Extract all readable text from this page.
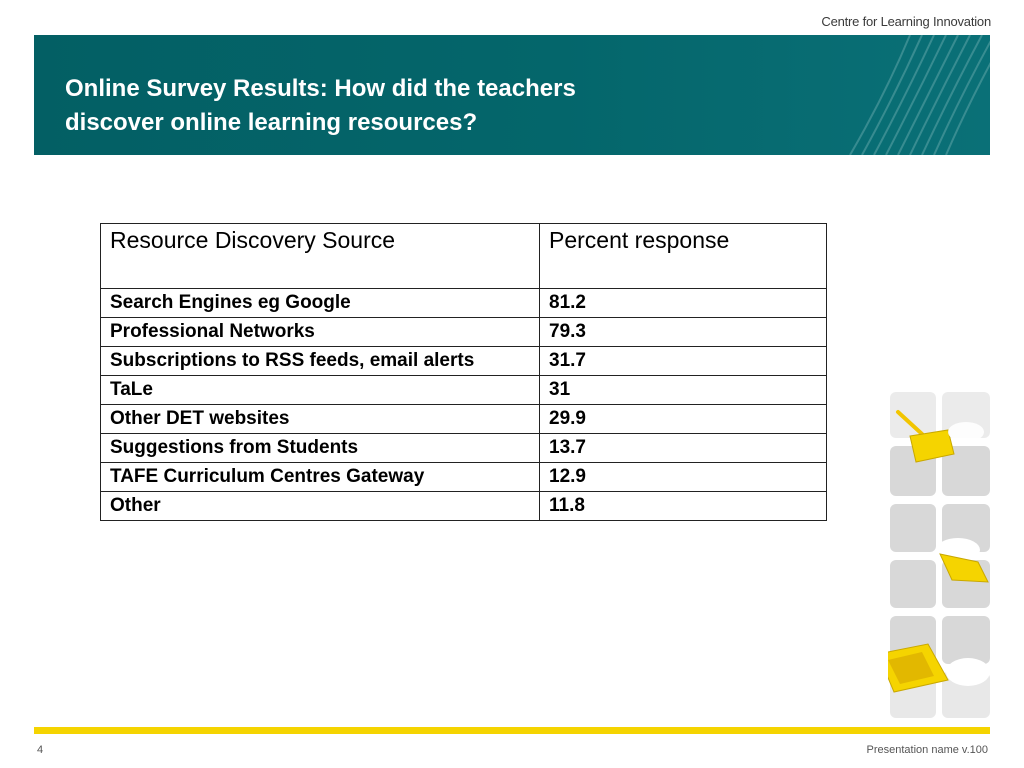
Centre for Learning Innovation
Online Survey Results: How did the teachers
discover online learning resources?
Resource Discovery Source	Percent response
Search Engines eg Google	81.2
Professional Networks	79.3
Subscriptions to RSS feeds, email alerts	31.7
TaLe	31
Other DET websites	29.9
Suggestions from Students	13.7
TAFE Curriculum Centres Gateway	12.9
Other	11.8
4	Presentation name v.100
